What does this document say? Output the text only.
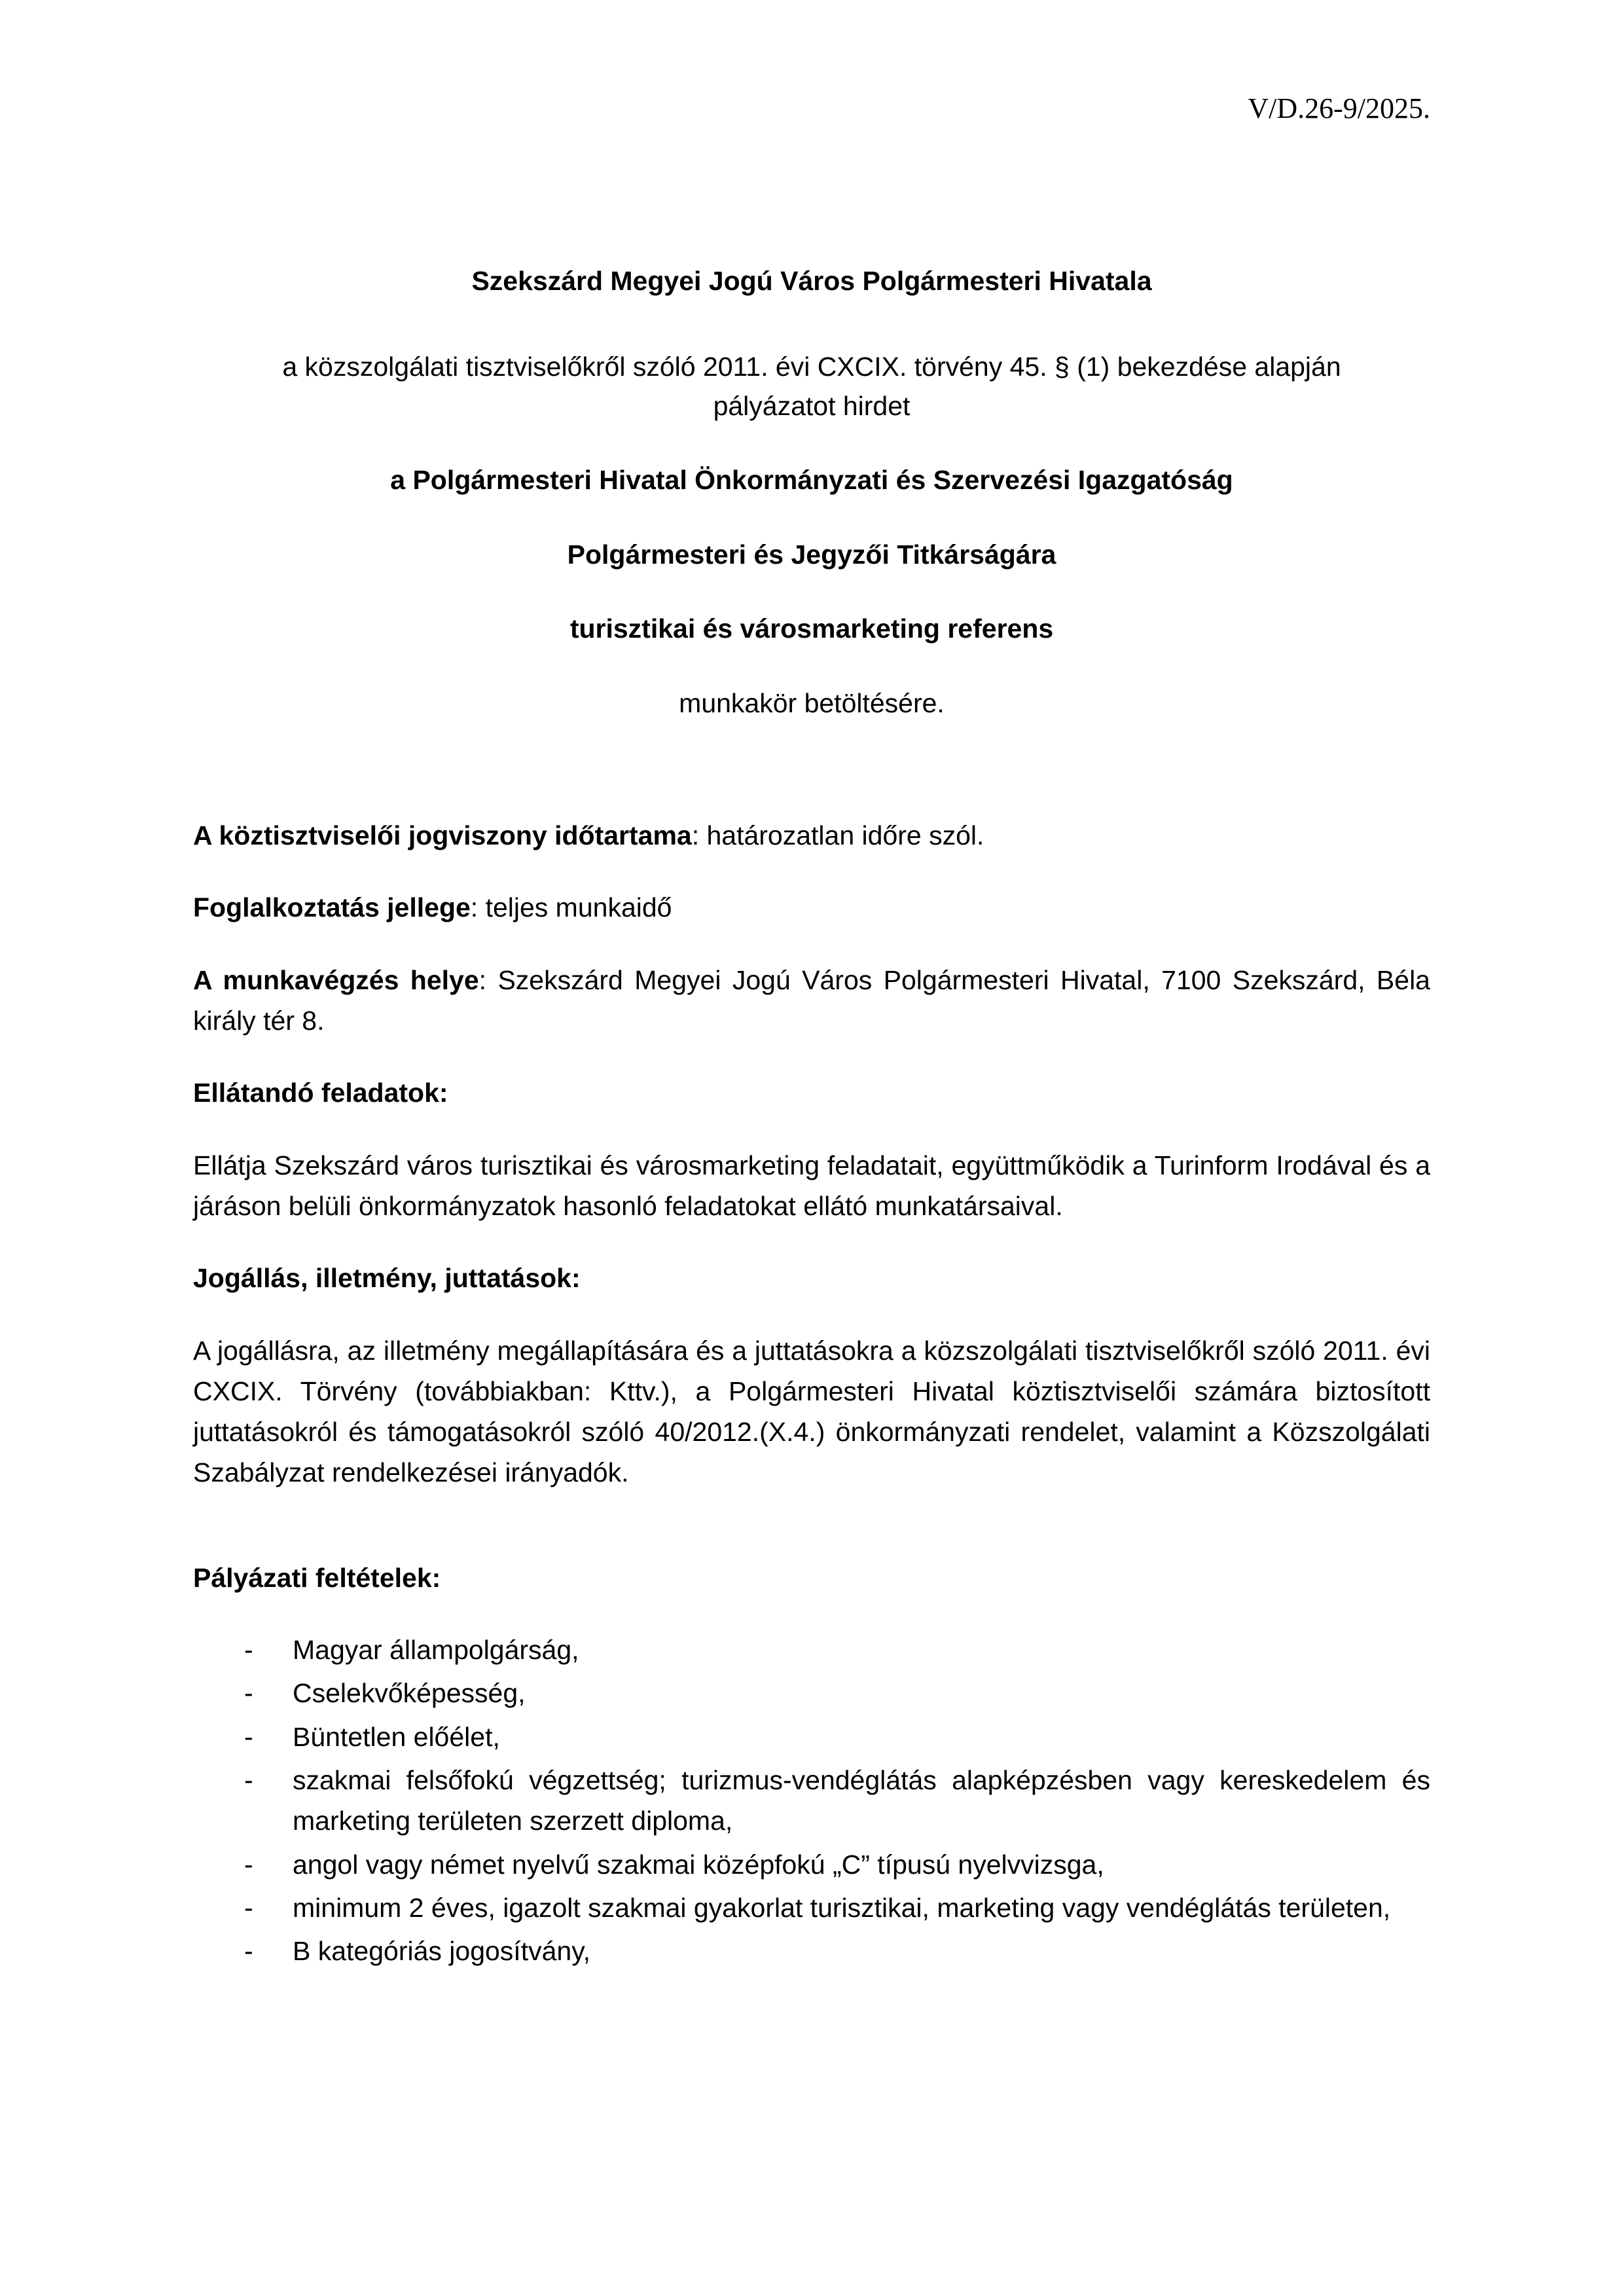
V/D.26-9/2025.
Szekszárd Megyei Jogú Város Polgármesteri Hivatala
a közszolgálati tisztviselőkről szóló 2011. évi CXCIX. törvény 45. § (1) bekezdése alapján
pályázatot hirdet
a Polgármesteri Hivatal Önkormányzati és Szervezési Igazgatóság
Polgármesteri és Jegyzői Titkárságára
turisztikai és városmarketing referens
munkakör betöltésére.

A köztisztviselői jogviszony időtartama: határozatlan időre szól.

Foglalkoztatás jellege: teljes munkaidő

A munkavégzés helye: Szekszárd Megyei Jogú Város Polgármesteri Hivatal, 7100 Szekszárd, Béla király tér 8.

Ellátandó feladatok:

Ellátja Szekszárd város turisztikai és városmarketing feladatait, együttműködik a Turinform Irodával és a járáson belüli önkormányzatok hasonló feladatokat ellátó munkatársaival.

Jogállás, illetmény, juttatások:

A jogállásra, az illetmény megállapítására és a juttatásokra a közszolgálati tisztviselőkről szóló 2011. évi CXCIX. Törvény (továbbiakban: Kttv.), a Polgármesteri Hivatal köztisztviselői számára biztosított juttatásokról és támogatásokról szóló 40/2012.(X.4.) önkormányzati rendelet, valamint a Közszolgálati Szabályzat rendelkezései irányadók.

Pályázati feltételek:
- Magyar állampolgárság,
- Cselekvőképesség,
- Büntetlen előélet,
- szakmai felsőfokú végzettség; turizmus-vendéglátás alapképzésben vagy kereskedelem és marketing területen szerzett diploma,
- angol vagy német nyelvű szakmai középfokú „C” típusú nyelvvizsga,
- minimum 2 éves, igazolt szakmai gyakorlat turisztikai, marketing vagy vendéglátás területen,
- B kategóriás jogosítvány,
